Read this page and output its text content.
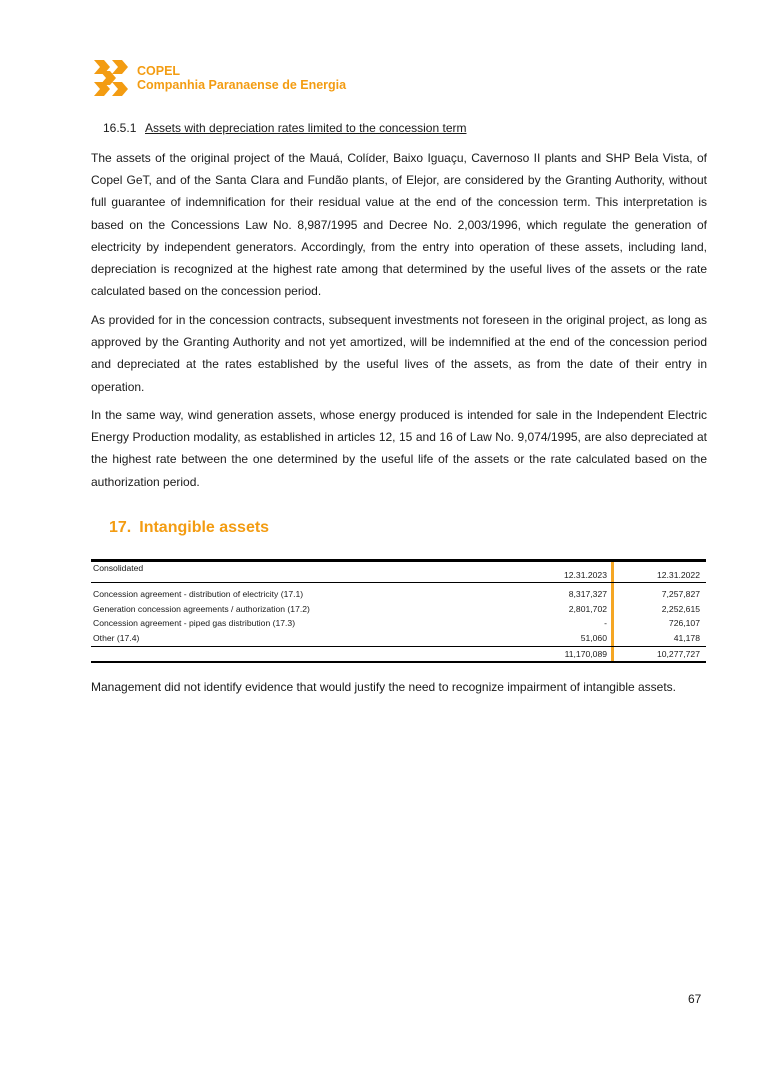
COPEL
Companhia Paranaense de Energia
16.5.1 Assets with depreciation rates limited to the concession term

The assets of the original project of the Mauá, Colíder, Baixo Iguaçu, Cavernoso II plants and SHP Bela Vista, of Copel GeT, and of the Santa Clara and Fundão plants, of Elejor, are considered by the Granting Authority, without full guarantee of indemnification for their residual value at the end of the concession term. This interpretation is based on the Concessions Law No. 8,987/1995 and Decree No. 2,003/1996, which regulate the generation of electricity by independent generators. Accordingly, from the entry into operation of these assets, including land, depreciation is recognized at the highest rate among that determined by the useful lives of the assets or the rate calculated based on the concession period.

As provided for in the concession contracts, subsequent investments not foreseen in the original project, as long as approved by the Granting Authority and not yet amortized, will be indemnified at the end of the concession period and depreciated at the rates established by the useful lives of the assets, as from the date of their entry in operation.

In the same way, wind generation assets, whose energy produced is intended for sale in the Independent Electric Energy Production modality, as established in articles 12, 15 and 16 of Law No. 9,074/1995, are also depreciated at the highest rate between the one determined by the useful life of the assets or the rate calculated based on the authorization period.

17. Intangible assets
Consolidated
12.31.2023	12.31.2022
Concession agreement - distribution of electricity (17.1)	8,317,327	7,257,827
Generation concession agreements / authorization (17.2)	2,801,702	2,252,615
Concession agreement - piped gas distribution (17.3)	-	726,107
Other (17.4)	51,060	41,178
11,170,089	10,277,727

Management did not identify evidence that would justify the need to recognize impairment of intangible assets.

67
